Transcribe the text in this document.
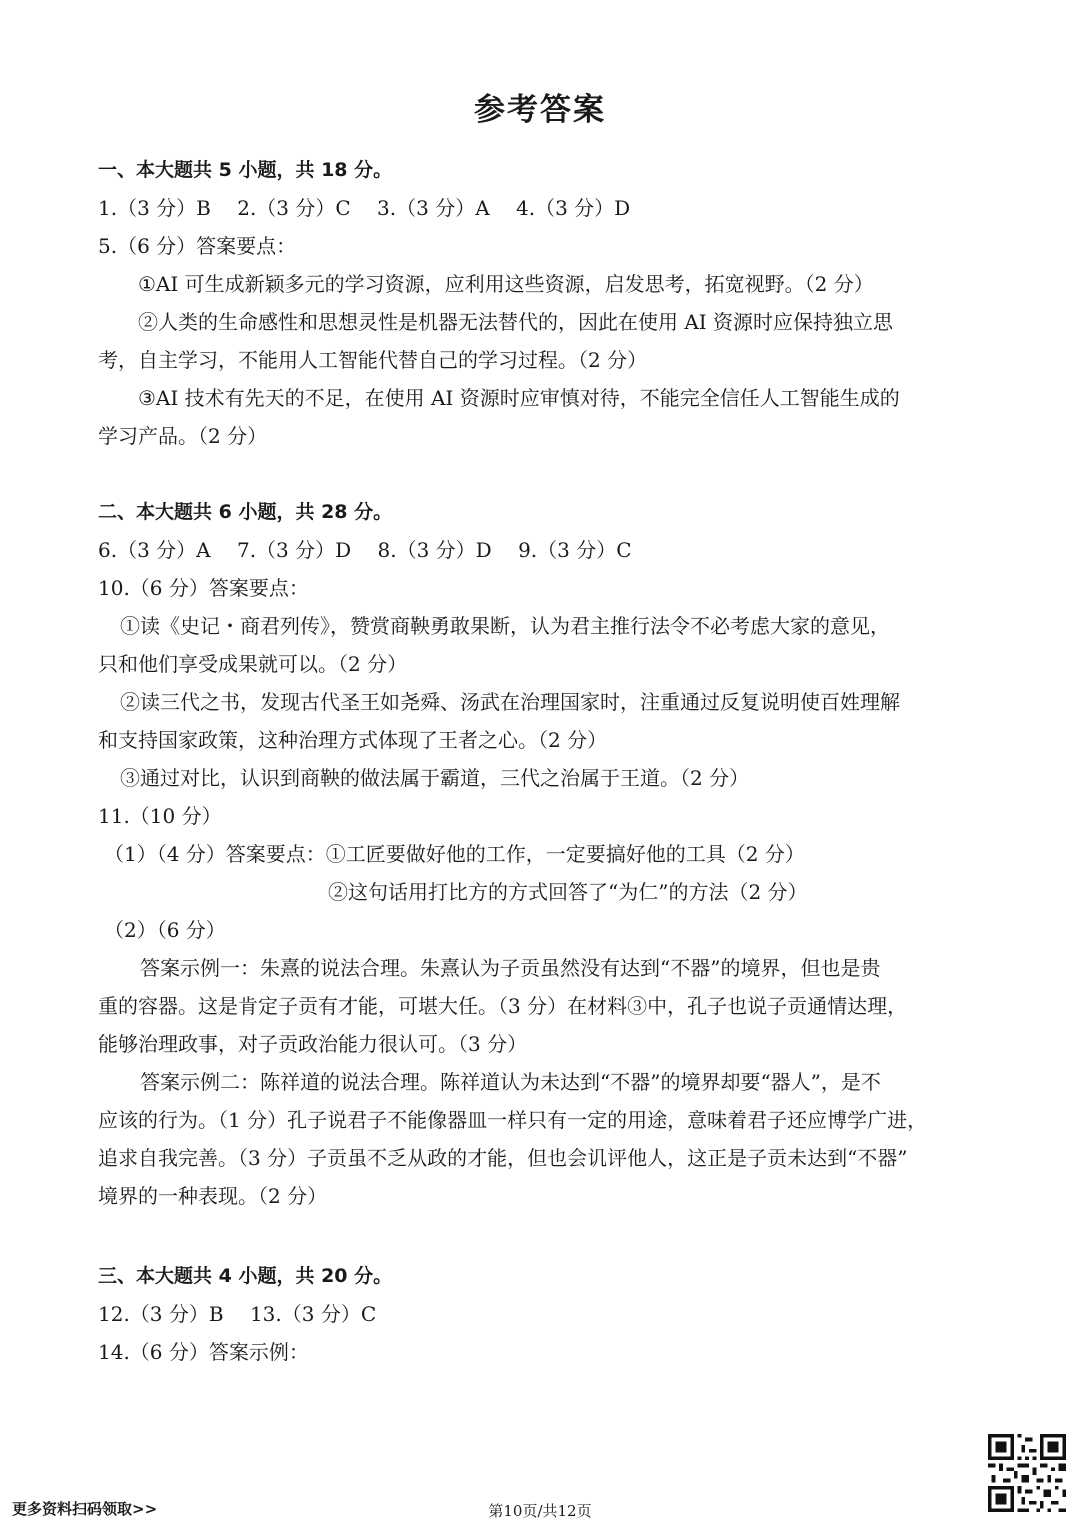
参考答案
一、本大题共 5 小题，共 18 分。
1.（3 分）B　 2.（3 分）C　 3.（3 分）A　 4.（3 分）D
5.（6 分）答案要点：
①AI 可生成新颖多元的学习资源，应利用这些资源，启发思考，拓宽视野。（2 分）
②人类的生命感性和思想灵性是机器无法替代的，因此在使用 AI 资源时应保持独立思
考，自主学习，不能用人工智能代替自己的学习过程。（2 分）
③AI 技术有先天的不足，在使用 AI 资源时应审慎对待，不能完全信任人工智能生成的
学习产品。（2 分）
二、本大题共 6 小题，共 28 分。
6.（3 分）A　 7.（3 分）D　 8.（3 分）D　 9.（3 分）C
10.（6 分）答案要点：
①读《史记・商君列传》，赞赏商鞅勇敢果断，认为君主推行法令不必考虑大家的意见，
只和他们享受成果就可以。（2 分）
②读三代之书，发现古代圣王如尧舜、汤武在治理国家时，注重通过反复说明使百姓理解
和支持国家政策，这种治理方式体现了王者之心。（2 分）
③通过对比，认识到商鞅的做法属于霸道，三代之治属于王道。（2 分）
11.（10 分）
（1）（4 分）答案要点：①工匠要做好他的工作，一定要搞好他的工具（2 分）
②这句话用打比方的方式回答了“为仁”的方法（2 分）
（2）（6 分）
答案示例一：朱熹的说法合理。朱熹认为子贡虽然没有达到“不器”的境界，但也是贵
重的容器。这是肯定子贡有才能，可堪大任。（3 分）在材料③中，孔子也说子贡通情达理，
能够治理政事，对子贡政治能力很认可。（3 分）
答案示例二：陈祥道的说法合理。陈祥道认为未达到“不器”的境界却要“器人”，是不
应该的行为。（1 分）孔子说君子不能像器皿一样只有一定的用途，意味着君子还应博学广进，
追求自我完善。（3 分）子贡虽不乏从政的才能，但也会讥评他人，这正是子贡未达到“不器”
境界的一种表现。（2 分）
三、本大题共 4 小题，共 20 分。
12.（3 分）B　 13.（3 分）C
14.（6 分）答案示例：
更多资料扫码领取>>	第10页/共12页
